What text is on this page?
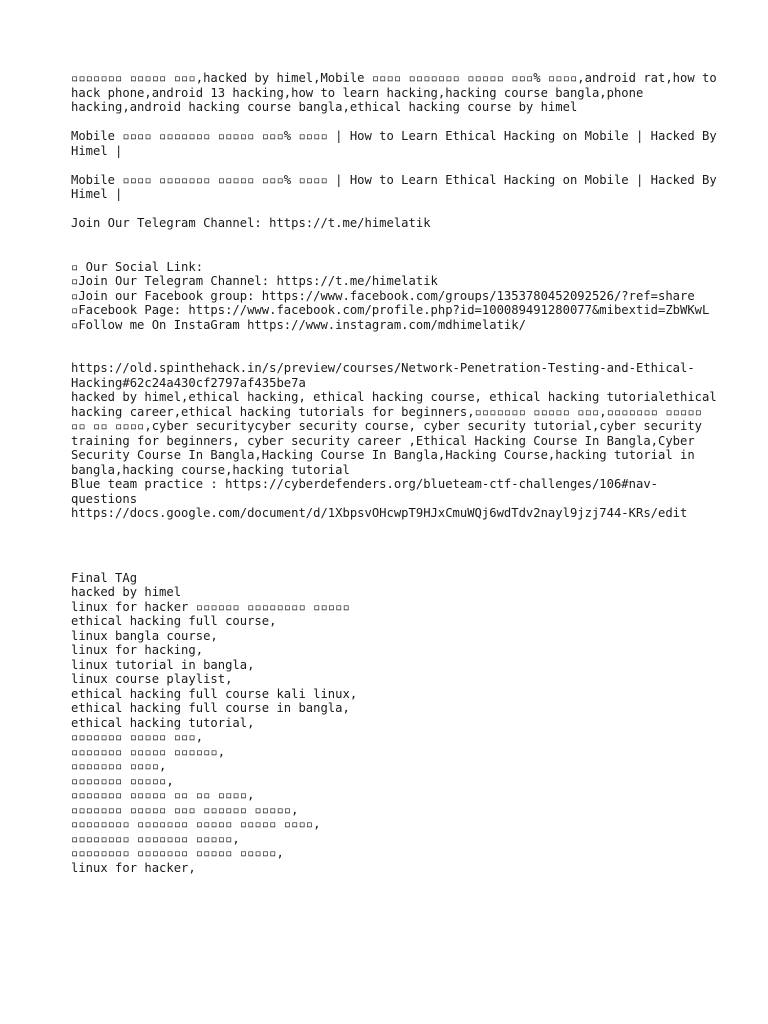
▫▫▫▫▫▫▫ ▫▫▫▫▫ ▫▫▫,hacked by himel,Mobile ▫▫▫▫ ▫▫▫▫▫▫▫ ▫▫▫▫▫ ▫▫▫% ▫▫▫▫,android rat,how to hack phone,android 13 hacking,how to learn hacking,hacking course bangla,phone hacking,android hacking course bangla,ethical hacking course by himel

Mobile ▫▫▫▫ ▫▫▫▫▫▫▫ ▫▫▫▫▫ ▫▫▫% ▫▫▫▫ | How to Learn Ethical Hacking on Mobile | Hacked By Himel |

Mobile ▫▫▫▫ ▫▫▫▫▫▫▫ ▫▫▫▫▫ ▫▫▫% ▫▫▫▫ | How to Learn Ethical Hacking on Mobile | Hacked By Himel |

Join Our Telegram Channel: https://t.me/himelatik

▫ Our Social Link:
▫Join Our Telegram Channel: https://t.me/himelatik
▫Join our Facebook group: https://www.facebook.com/groups/1353780452092526/?ref=share
▫Facebook Page: https://www.facebook.com/profile.php?id=100089491280077&mibextid=ZbWKwL
▫Follow me On InstaGram https://www.instagram.com/mdhimelatik/
https://old.spinthehack.in/s/preview/courses/Network-Penetration-Testing-and-Ethical-Hacking#62c24a430cf2797af435be7a
hacked by himel,ethical hacking, ethical hacking course, ethical hacking tutorialethical hacking career,ethical hacking tutorials for beginners,▫▫▫▫▫▫▫ ▫▫▫▫▫ ▫▫▫,▫▫▫▫▫▫▫ ▫▫▫▫▫ ▫▫ ▫▫ ▫▫▫▫,cyber securitycyber security course, cyber security tutorial,cyber security training for beginners, cyber security career ,Ethical Hacking Course In Bangla,Cyber Security Course In Bangla,Hacking Course In Bangla,Hacking Course,hacking tutorial in bangla,hacking course,hacking tutorial
Blue team practice : https://cyberdefenders.org/blueteam-ctf-challenges/106#nav-questions
https://docs.google.com/document/d/1XbpsvOHcwpT9HJxCmuWQj6wdTdv2nayl9jzj744-KRs/edit
Final TAg
hacked by himel
linux for hacker ▫▫▫▫▫▫ ▫▫▫▫▫▫▫▫ ▫▫▫▫▫
ethical hacking full course,
linux bangla course,
linux for hacking,
linux tutorial in bangla,
linux course playlist,
ethical hacking full course kali linux,
ethical hacking full course in bangla,
ethical hacking tutorial,
▫▫▫▫▫▫▫ ▫▫▫▫▫ ▫▫▫,
▫▫▫▫▫▫▫ ▫▫▫▫▫ ▫▫▫▫▫▫,
▫▫▫▫▫▫▫ ▫▫▫▫,
▫▫▫▫▫▫▫ ▫▫▫▫▫,
▫▫▫▫▫▫▫ ▫▫▫▫▫ ▫▫ ▫▫ ▫▫▫▫,
▫▫▫▫▫▫▫ ▫▫▫▫▫ ▫▫▫ ▫▫▫▫▫▫ ▫▫▫▫▫,
▫▫▫▫▫▫▫▫ ▫▫▫▫▫▫▫ ▫▫▫▫▫ ▫▫▫▫▫ ▫▫▫▫,
▫▫▫▫▫▫▫▫ ▫▫▫▫▫▫▫ ▫▫▫▫▫,
▫▫▫▫▫▫▫▫ ▫▫▫▫▫▫▫ ▫▫▫▫▫ ▫▫▫▫▫,
linux for hacker,
